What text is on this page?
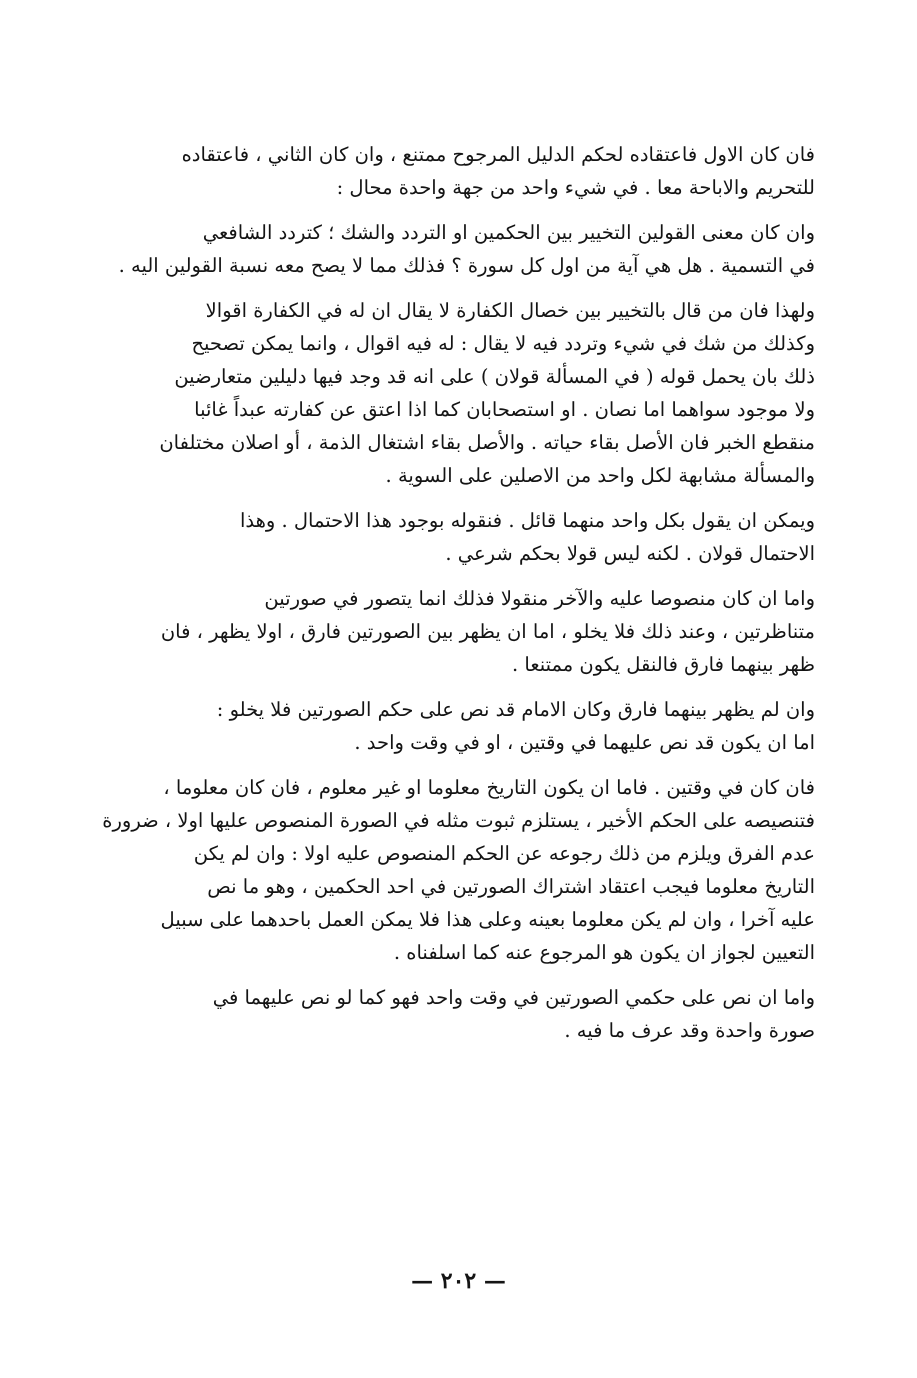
فان كان الاول فاعتقاده لحكم الدليل المرجوح ممتنع ، وان كان الثاني ، فاعتقاده
للتحريم والاباحة معا . في شيء واحد من جهة واحدة محال :

وان كان معنى القولين التخيير بين الحكمين او التردد والشك ؛ كتردد الشافعي
في التسمية . هل هي آية من اول كل سورة ؟ فذلك مما لا يصح معه نسبة القولين اليه .

ولهذا فان من قال بالتخيير بين خصال الكفارة لا يقال ان له في الكفارة اقوالا
وكذلك من شك في شيء وتردد فيه لا يقال : له فيه اقوال ، وانما يمكن تصحيح
ذلك بان يحمل قوله ( في المسألة قولان ) على انه قد وجد فيها دليلين متعارضين
ولا موجود سواهما اما نصان . او استصحابان كما اذا اعتق عن كفارته عبداً غائبا
منقطع الخبر فان الأصل بقاء حياته . والأصل بقاء اشتغال الذمة ، أو اصلان مختلفان
والمسألة مشابهة لكل واحد من الاصلين على السوية .

ويمكن ان يقول بكل واحد منهما قائل . فنقوله بوجود هذا الاحتمال . وهذا
الاحتمال قولان . لكنه ليس قولا بحكم شرعي .

واما ان كان منصوصا عليه والآخر منقولا فذلك انما يتصور في صورتين
متناظرتين ، وعند ذلك فلا يخلو ، اما ان يظهر بين الصورتين فارق ، اولا يظهر ، فان
ظهر بينهما فارق فالنقل يكون ممتنعا .

وان لم يظهر بينهما فارق وكان الامام قد نص على حكم الصورتين فلا يخلو :
اما ان يكون قد نص عليهما في وقتين ، او في وقت واحد .

فان كان في وقتين . فاما ان يكون التاريخ معلوما او غير معلوم ، فان كان معلوما ،
فتنصيصه على الحكم الأخير ، يستلزم ثبوت مثله في الصورة المنصوص عليها اولا ، ضرورة
عدم الفرق ويلزم من ذلك رجوعه عن الحكم المنصوص عليه اولا : وان لم يكن
التاريخ معلوما فيجب اعتقاد اشتراك الصورتين في احد الحكمين ، وهو ما نص
عليه آخرا ، وان لم يكن معلوما بعينه وعلى هذا فلا يمكن العمل باحدهما على سبيل
التعيين لجواز ان يكون هو المرجوع عنه كما اسلفناه .

واما ان نص على حكمي الصورتين في وقت واحد فهو كما لو نص عليهما في
صورة واحدة وقد عرف ما فيه .

— ٢٠٢ —
